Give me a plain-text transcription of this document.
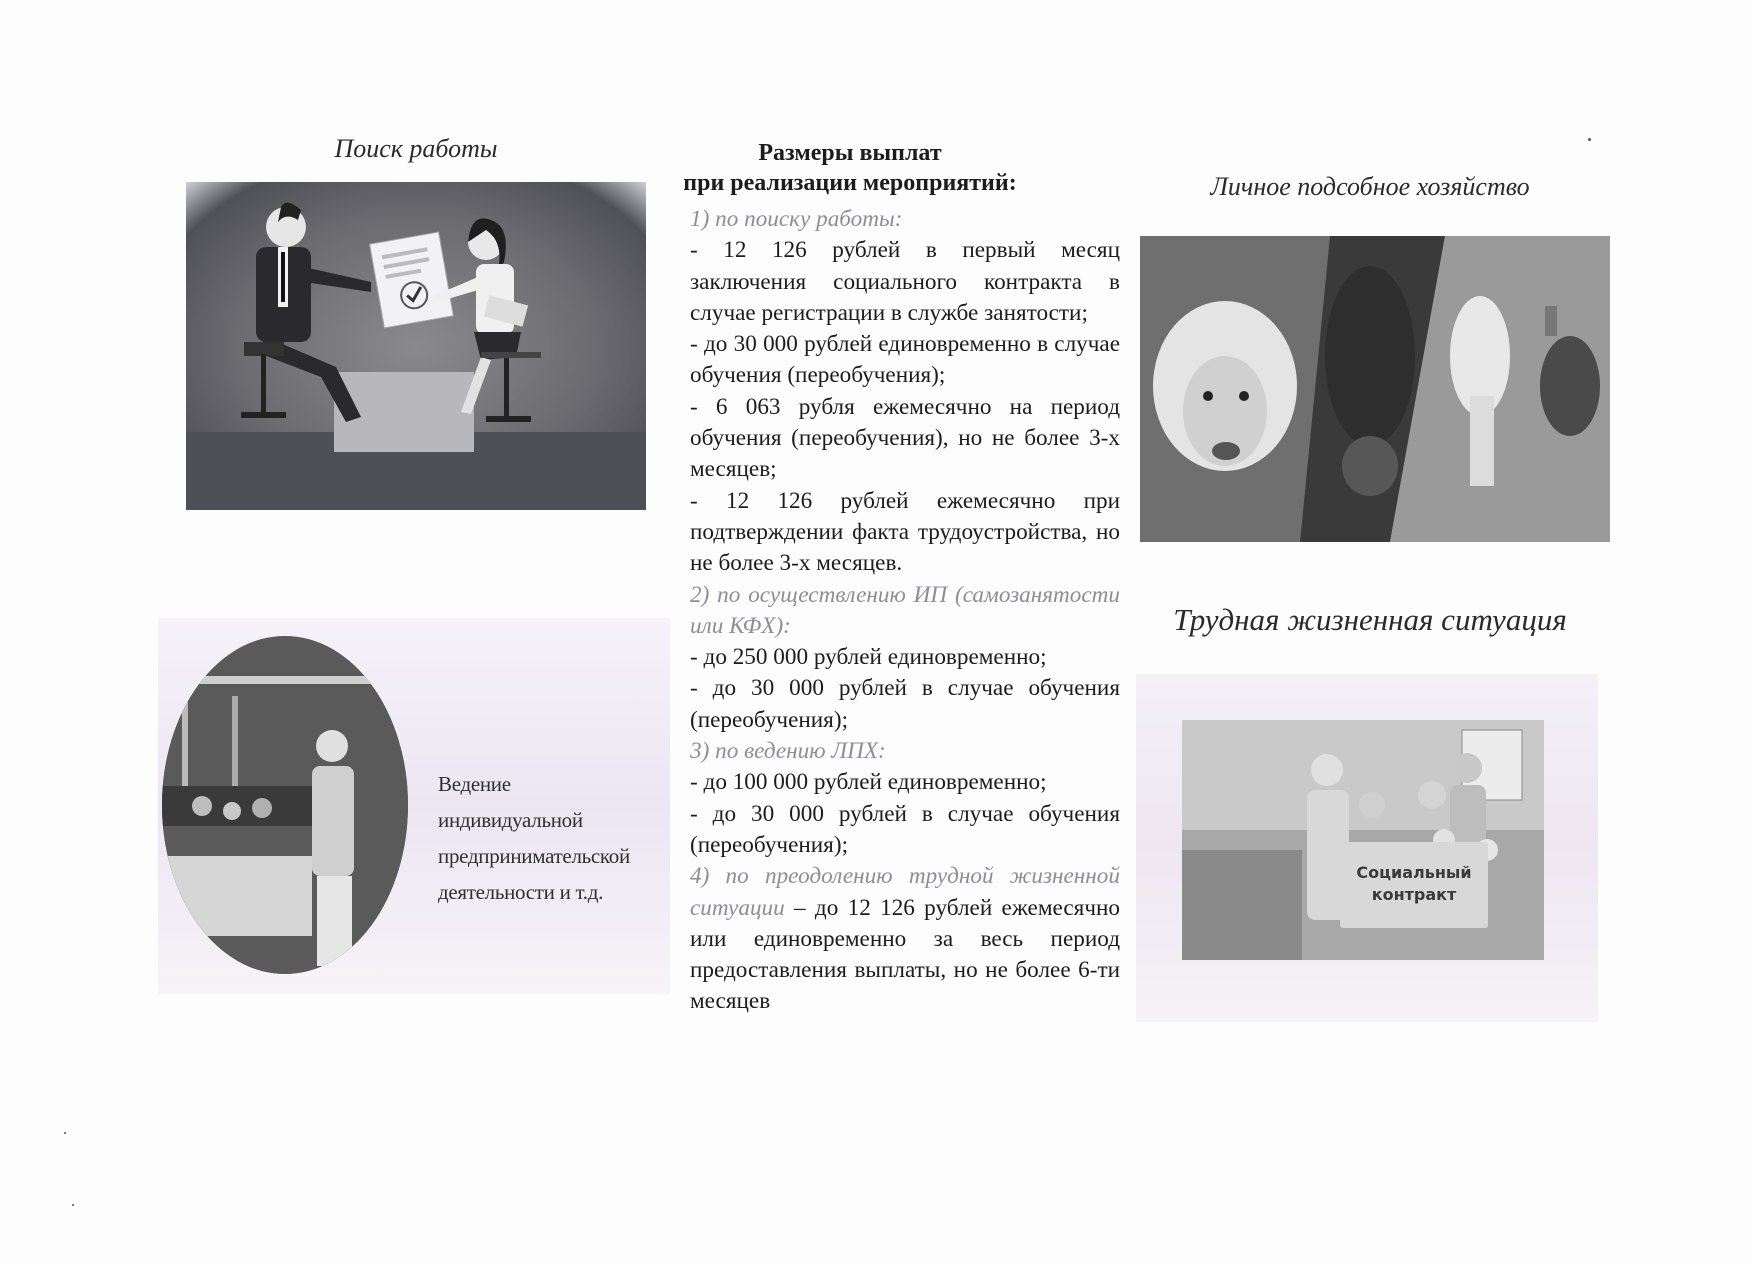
Поиск работы
Ведение индивидуальной
предпринимательской
деятельности и т.д.
Размеры выплат
при реализации мероприятий:

1) по поиску работы:

- 12 126 рублей в первый месяц заключения социального контракта в случае регистрации в службе занятости;

- до 30 000 рублей единовременно в случае обучения (переобучения);

- 6 063 рубля ежемесячно на период обучения (переобучения), но не более 3-х месяцев;

- 12 126 рублей ежемесячно при подтверждении факта трудоустройства, но не более 3-х месяцев.

2) по осуществлению ИП (самозанятости или КФХ):

- до 250 000 рублей единовременно;

- до 30 000 рублей в случае обучения (переобучения);

3) по ведению ЛПХ:

- до 100 000 рублей единовременно;

- до 30 000 рублей в случае обучения (переобучения);

4) по преодолению трудной жизненной ситуации – до 12 126 рублей ежемесячно или единовременно за весь период предоставления выплаты, но не более 6-ти месяцев

Личное подсобное хозяйство
Трудная жизненная ситуация
Социальный
контракт
